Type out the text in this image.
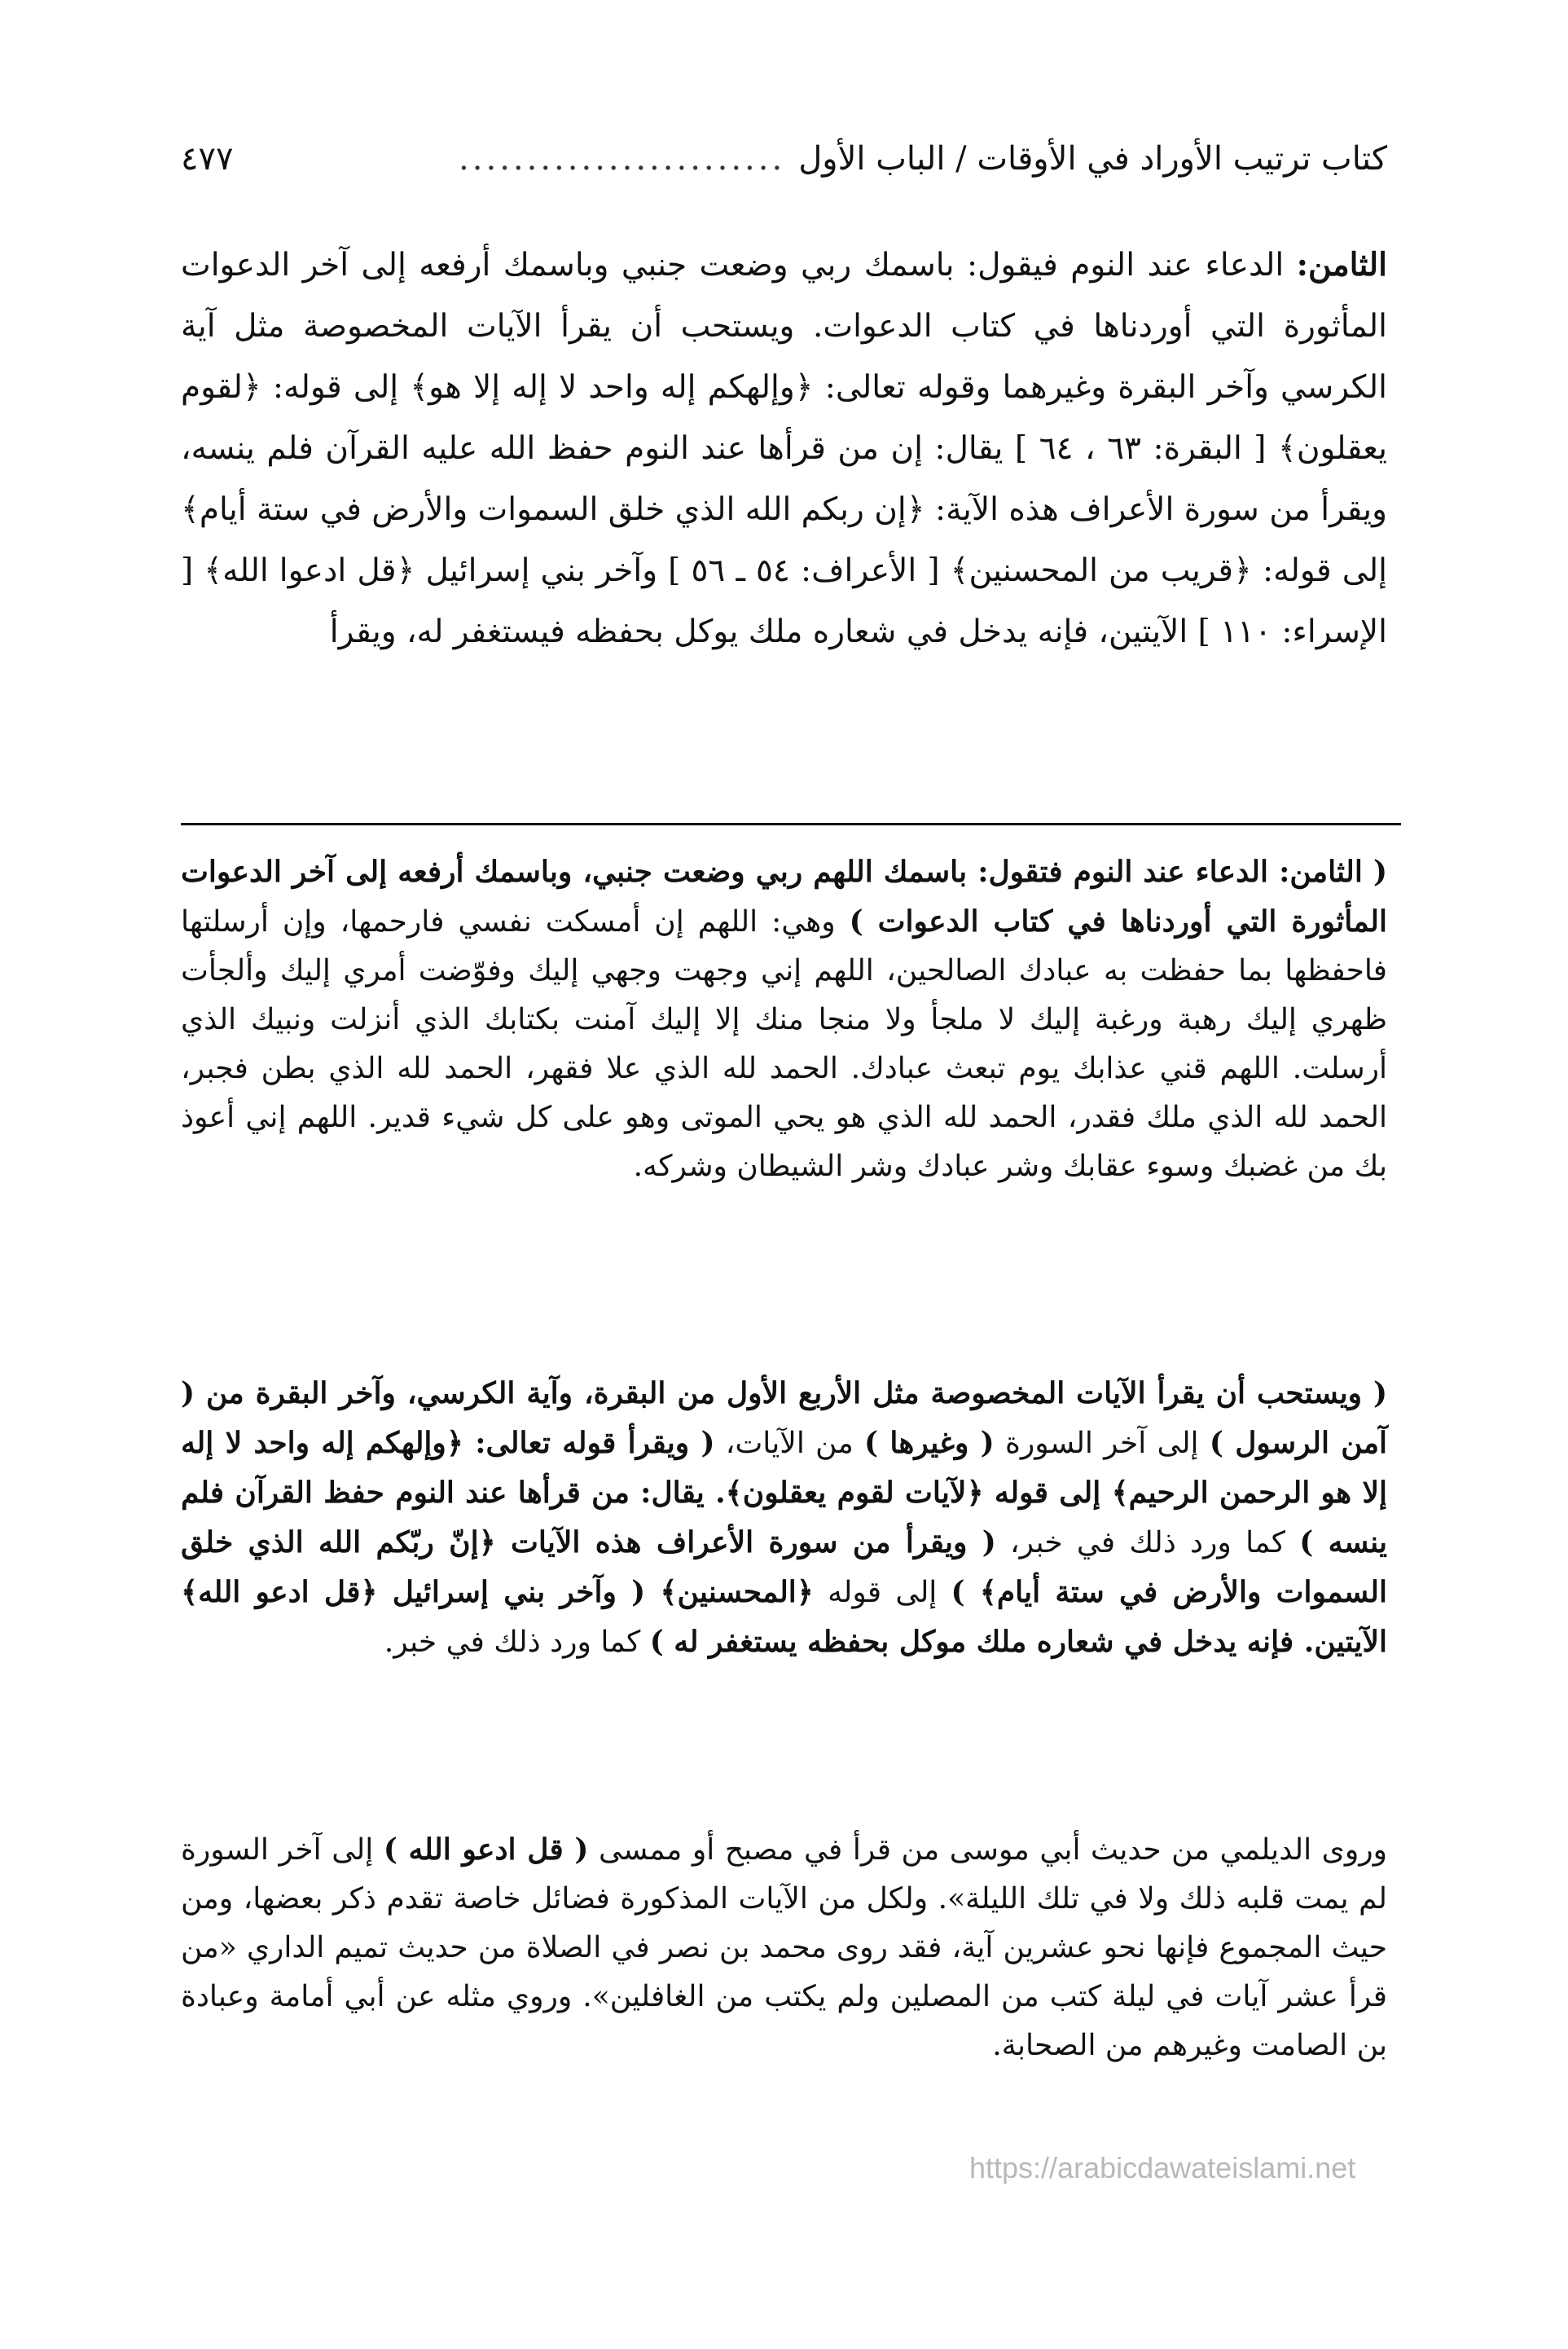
كتاب ترتيب الأوراد في الأوقات / الباب الأول
........................
٤٧٧

الثامن: الدعاء عند النوم فيقول: باسمك ربي وضعت جنبي وباسمك أرفعه إلى آخر الدعوات المأثورة التي أوردناها في كتاب الدعوات. ويستحب أن يقرأ الآيات المخصوصة مثل آية الكرسي وآخر البقرة وغيرهما وقوله تعالى: ﴿وإلهكم إله واحد لا إله إلا هو﴾ إلى قوله: ﴿لقوم يعقلون﴾ [ البقرة: ٦٣ ، ٦٤ ] يقال: إن من قرأها عند النوم حفظ الله عليه القرآن فلم ينسه، ويقرأ من سورة الأعراف هذه الآية: ﴿إن ربكم الله الذي خلق السموات والأرض في ستة أيام﴾ إلى قوله: ﴿قريب من المحسنين﴾ [ الأعراف: ٥٤ ـ ٥٦ ] وآخر بني إسرائيل ﴿قل ادعوا الله﴾ [ الإسراء: ١١٠ ] الآيتين، فإنه يدخل في شعاره ملك يوكل بحفظه فيستغفر له، ويقرأ

( الثامن: الدعاء عند النوم فتقول: باسمك اللهم ربي وضعت جنبي، وباسمك أرفعه إلى آخر الدعوات المأثورة التي أوردناها في كتاب الدعوات ) وهي: اللهم إن أمسكت نفسي فارحمها، وإن أرسلتها فاحفظها بما حفظت به عبادك الصالحين، اللهم إني وجهت وجهي إليك وفوّضت أمري إليك وألجأت ظهري إليك رهبة ورغبة إليك لا ملجأ ولا منجا منك إلا إليك آمنت بكتابك الذي أنزلت ونبيك الذي أرسلت. اللهم قني عذابك يوم تبعث عبادك. الحمد لله الذي علا فقهر، الحمد لله الذي بطن فجبر، الحمد لله الذي ملك فقدر، الحمد لله الذي هو يحي الموتى وهو على كل شيء قدير. اللهم إني أعوذ بك من غضبك وسوء عقابك وشر عبادك وشر الشيطان وشركه.

( ويستحب أن يقرأ الآيات المخصوصة مثل الأربع الأول من البقرة، وآية الكرسي، وآخر البقرة من ( آمن الرسول ) إلى آخر السورة ( وغيرها ) من الآيات، ( ويقرأ قوله تعالى: ﴿وإلهكم إله واحد لا إله إلا هو الرحمن الرحيم﴾ إلى قوله ﴿لآيات لقوم يعقلون﴾. يقال: من قرأها عند النوم حفظ القرآن فلم ينسه ) كما ورد ذلك في خبر، ( ويقرأ من سورة الأعراف هذه الآيات ﴿إنّ ربّكم الله الذي خلق السموات والأرض في ستة أيام﴾ ) إلى قوله ﴿المحسنين﴾ ( وآخر بني إسرائيل ﴿قل ادعو الله﴾ الآيتين. فإنه يدخل في شعاره ملك موكل بحفظه يستغفر له ) كما ورد ذلك في خبر.

وروى الديلمي من حديث أبي موسى من قرأ في مصبح أو ممسى ( قل ادعو الله ) إلى آخر السورة لم يمت قلبه ذلك ولا في تلك الليلة». ولكل من الآيات المذكورة فضائل خاصة تقدم ذكر بعضها، ومن حيث المجموع فإنها نحو عشرين آية، فقد روى محمد بن نصر في الصلاة من حديث تميم الداري «من قرأ عشر آيات في ليلة كتب من المصلين ولم يكتب من الغافلين». وروي مثله عن أبي أمامة وعبادة بن الصامت وغيرهم من الصحابة.

https://arabicdawateislami.net
